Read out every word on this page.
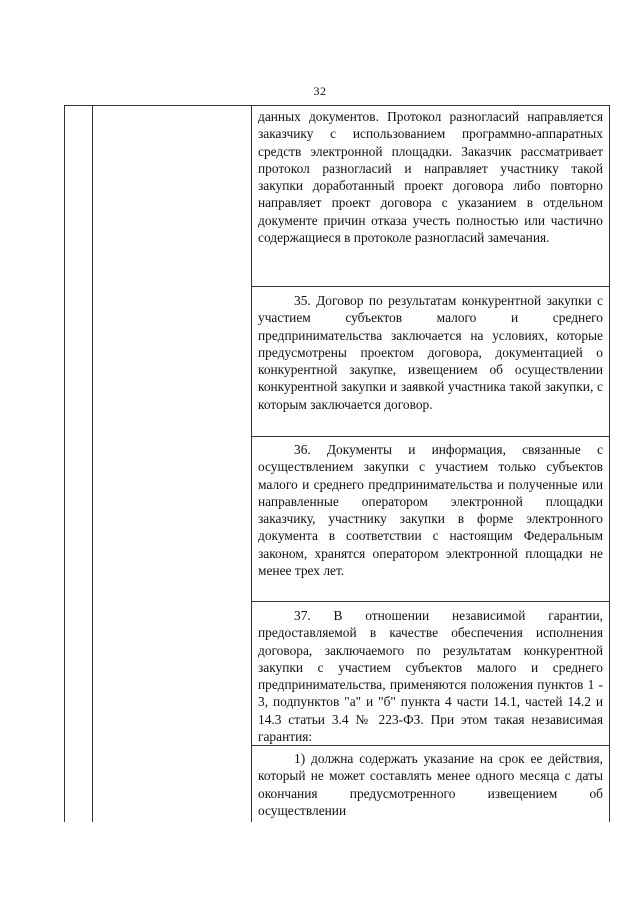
32

данных документов. Протокол разногласий направляется заказчику с использованием программно-аппаратных средств электронной площадки. Заказчик рассматривает протокол разногласий и направляет участнику такой закупки доработанный проект договора либо повторно направляет проект договора с указанием в отдельном документе причин отказа учесть полностью или частично содержащиеся в протоколе разногласий замечания.

35. Договор по результатам конкурентной закупки с участием субъектов малого и среднего предпринимательства заключается на условиях, которые предусмотрены проектом договора, документацией о конкурентной закупке, извещением об осуществлении конкурентной закупки и заявкой участника такой закупки, с которым заключается договор.

36. Документы и информация, связанные с осуществлением закупки с участием только субъектов малого и среднего предпринимательства и полученные или направленные оператором электронной площадки заказчику, участнику закупки в форме электронного документа в соответствии с настоящим Федеральным законом, хранятся оператором электронной площадки не менее трех лет.

37. В отношении независимой гарантии, предоставляемой в качестве обеспечения исполнения договора, заключаемого по результатам конкурентной закупки с участием субъектов малого и среднего предпринимательства, применяются положения пунктов 1 - 3, подпунктов "а" и "б" пункта 4 части 14.1, частей 14.2 и 14.3 статьи 3.4 № 223-ФЗ. При этом такая независимая гарантия:

1) должна содержать указание на срок ее действия, который не может составлять менее одного месяца с даты окончания предусмотренного извещением об осуществлении
